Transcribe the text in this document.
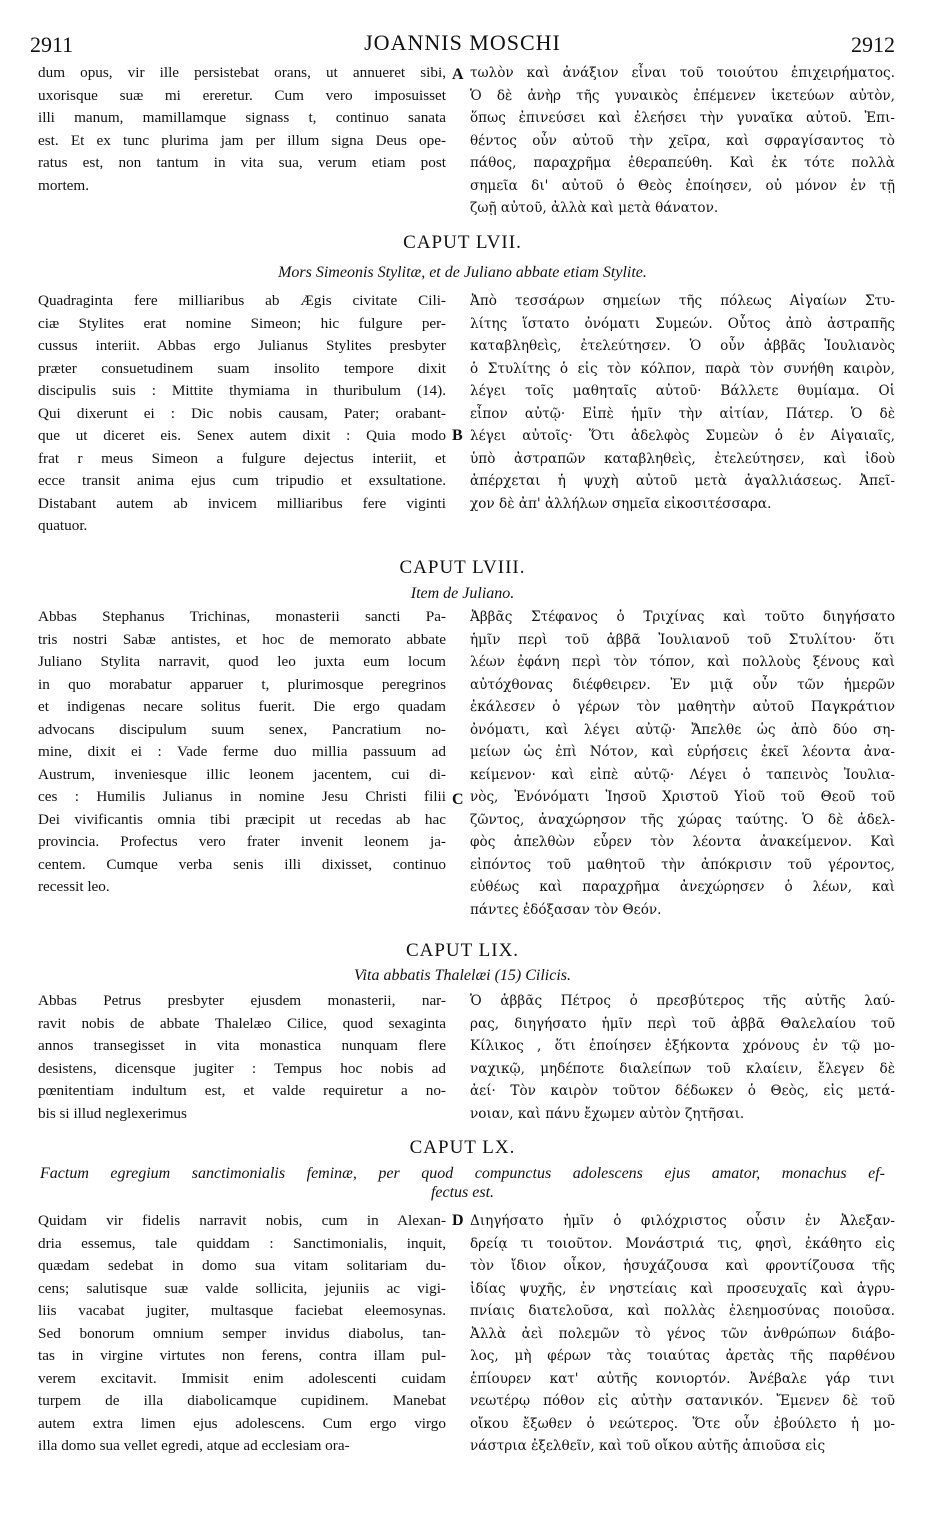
2911	JOANNIS MOSCHI	2912
dum opus, vir ille persistebat orans, ut annueret sibi,
uxorisque suæ mi ereretur. Cum vero imposuisset
illi manum, mamillamque signass t, continuo sanata
est. Et ex tunc plurima jam per illum signa Deus ope-
ratus est, non tantum in vita sua, verum etiam post
mortem.
A τωλὸν καὶ ἀνάξιον εἶναι τοῦ τοιούτου ἐπιχειρήματος.
Ὁ δὲ ἀνὴρ τῆς γυναικὸς ἐπέμενεν ἱκετεύων αὐτὸν,
ὅπως ἐπινεύσει καὶ ἐλεήσει τὴν γυναῖκα αὐτοῦ. Ἐπι-
θέντος οὖν αὐτοῦ τὴν χεῖρα, καὶ σφραγίσαντος τὸ
πάθος, παραχρῆμα ἐθεραπεύθη. Καὶ ἐκ τότε πολλὰ
σημεῖα δι' αὐτοῦ ὁ Θεὸς ἐποίησεν, οὐ μόνον ἐν τῇ
ζωῇ αὐτοῦ, ἀλλὰ καὶ μετὰ θάνατον.
CAPUT LVII.
Mors Simeonis Stylitæ, et de Juliano abbate etiam Stylite.
Quadraginta fere milliaribus ab Ægis civitate Cili-
ciæ Stylites erat nomine Simeon; hic fulgure per-
cussus interiit. Abbas ergo Julianus Stylites presbyter
præter consuetudinem suam insolito tempore dixit
discipulis suis : Mittite thymiama in thuribulum (14).
Qui dixerunt ei : Dic nobis causam, Pater; orabant-
que ut diceret eis. Senex autem dixit : Quia modo
frat r meus Simeon a fulgure dejectus interiit, et
ecce transit anima ejus cum tripudio et exsultatione.
Distabant autem ab invicem milliaribus fere viginti
quatuor.
B
Ἀπὸ τεσσάρων σημείων τῆς πόλεως Αἰγαίων Στυ-
λίτης ἵστατο ὀνόματι Συμεών. Οὗτος ἀπὸ ἀστραπῆς
καταβληθεὶς, ἐτελεύτησεν. Ὁ οὖν ἀββᾶς Ἰουλιανὸς
ὁ Στυλίτης ὁ εἰς τὸν κόλπον, παρὰ τὸν συνήθη καιρὸν,
λέγει τοῖς μαθηταῖς αὐτοῦ· Βάλλετε θυμίαμα. Οἱ
εἶπον αὐτῷ· Εἰπὲ ἡμῖν τὴν αἰτίαν, Πάτερ. Ὁ δὲ
λέγει αὐτοῖς· Ὅτι ἀδελφὸς Συμεὼν ὁ ἐν Αἰγαιαῖς,
ὑπὸ ἀστραπῶν καταβληθεὶς, ἐτελεύτησεν, καὶ ἰδοὺ
ἀπέρχεται ἡ ψυχὴ αὐτοῦ μετὰ ἀγαλλιάσεως. Ἀπεῖ-
χον δὲ ἀπ' ἀλλήλων σημεῖα εἰκοσιτέσσαρα.
CAPUT LVIII.
Item de Juliano.
Abbas Stephanus Trichinas, monasterii sancti Pa-
tris nostri Sabæ antistes, et hoc de memorato abbate
Juliano Stylita narravit, quod leo juxta eum locum
in quo morabatur apparuer t, plurimosque peregrinos
et indigenas necare solitus fuerit. Die ergo quadam
advocans discipulum suum senex, Pancratium no-
mine, dixit ei : Vade ferme duo millia passuum ad
Austrum, inveniesque illic leonem jacentem, cui di-
ces : Humilis Julianus in nomine Jesu Christi filii
Dei vivificantis omnia tibi præcipit ut recedas ab hac
provincia. Profectus vero frater invenit leonem ja-
centem. Cumque verba senis illi dixisset, continuo
recessit leo.
C
Ἀββᾶς Στέφανος ὁ Τριχίνας καὶ τοῦτο διηγήσατο
ἡμῖν περὶ τοῦ ἀββᾶ Ἰουλιανοῦ τοῦ Στυλίτου· ὅτι
λέων ἐφάνη περὶ τὸν τόπον, καὶ πολλοὺς ξένους καὶ
αὐτόχθονας διέφθειρεν. Ἐν μιᾷ οὖν τῶν ἡμερῶν
ἐκάλεσεν ὁ γέρων τὸν μαθητὴν αὐτοῦ Παγκράτιον
ὀνόματι, καὶ λέγει αὐτῷ· Ἄπελθε ὡς ἀπὸ δύο ση-
μείων ὡς ἐπὶ Νότον, καὶ εὑρήσεις ἐκεῖ λέοντα ἀνα-
κείμενον· καὶ εἰπὲ αὐτῷ· Λέγει ὁ ταπεινὸς Ἰουλια-
νὸς, Ἐνόνόματι Ἰησοῦ Χριστοῦ Υἱοῦ τοῦ Θεοῦ τοῦ
ζῶντος, ἀναχώρησον τῆς χώρας ταύτης. Ὁ δὲ ἀδελ-
φὸς ἀπελθὼν εὗρεν τὸν λέοντα ἀνακείμενον. Καὶ
εἰπόντος τοῦ μαθητοῦ τὴν ἀπόκρισιν τοῦ γέροντος,
εὐθέως καὶ παραχρῆμα ἀνεχώρησεν ὁ λέων, καὶ
πάντες ἐδόξασαν τὸν Θεόν.
CAPUT LIX.
Vita abbatis Thalelæi (15) Cilicis.
Abbas Petrus presbyter ejusdem monasterii, nar-
ravit nobis de abbate Thalelæo Cilice, quod sexaginta
annos transegisset in vita monastica nunquam flere
desistens, dicensque jugiter : Tempus hoc nobis ad
pœnitentiam indultum est, et valde requiretur a no-
bis si illud neglexerimus
Ὁ ἀββᾶς Πέτρος ὁ πρεσβύτερος τῆς αὐτῆς λαύ-
ρας, διηγήσατο ἡμῖν περὶ τοῦ ἀββᾶ Θαλελαίου τοῦ
Κίλικος , ὅτι ἐποίησεν ἑξήκοντα χρόνους ἐν τῷ μο-
ναχικῷ, μηδέποτε διαλείπων τοῦ κλαίειν, ἔλεγεν δὲ
ἀεί· Τὸν καιρὸν τοῦτον δέδωκεν ὁ Θεὸς, εἰς μετά-
νοιαν, καὶ πάνυ ἔχωμεν αὐτὸν ζητῆσαι.
CAPUT LX.
Factum egregium sanctimonialis feminæ, per quod compunctus adolescens ejus amator, monachus ef-
fectus est.
Quidam vir fidelis narravit nobis, cum in Alexan-
dria essemus, tale quiddam : Sanctimonialis, inquit,
quædam sedebat in domo sua vitam solitariam du-
cens; salutisque suæ valde sollicita, jejuniis ac vigi-
liis vacabat jugiter, multasque faciebat eleemosynas.
Sed bonorum omnium semper invidus diabolus, tan-
tas in virgine virtutes non ferens, contra illam pul-
verem excitavit. Immisit enim adolescenti cuidam
turpem de illa diabolicamque cupidinem. Manebat
autem extra limen ejus adolescens. Cum ergo virgo
illa domo sua vellet egredi, atque ad ecclesiam ora-
D Διηγήσατο ἡμῖν ὁ φιλόχριστος οὗσιν ἐν Ἀλεξαν-
δρείᾳ τι τοιοῦτον. Μονάστριά τις, φησὶ, ἐκάθητο εἰς
τὸν ἴδιον οἶκον, ἡσυχάζουσα καὶ φροντίζουσα τῆς
ἰδίας ψυχῆς, ἐν νηστείαις καὶ προσευχαῖς καὶ ἀγρυ-
πνίαις διατελοῦσα, καὶ πολλὰς ἐλεημοσύνας ποιοῦσα.
Ἀλλὰ ἀεὶ πολεμῶν τὸ γένος τῶν ἀνθρώπων διάβο-
λος, μὴ φέρων τὰς τοιαύτας ἀρετὰς τῆς παρθένου
ἐπίουρεν κατ' αὐτῆς κονιορτόν. Ἀνέβαλε γάρ τινι
νεωτέρῳ πόθον εἰς αὐτὴν σατανικόν. Ἔμενεν δὲ τοῦ
οἴκου ἔξωθεν ὁ νεώτερος. Ὅτε οὖν ἐβούλετο ἡ μο-
νάστρια ἐξελθεῖν, καὶ τοῦ οἴκου αὐτῆς ἀπιοῦσα εἰς
